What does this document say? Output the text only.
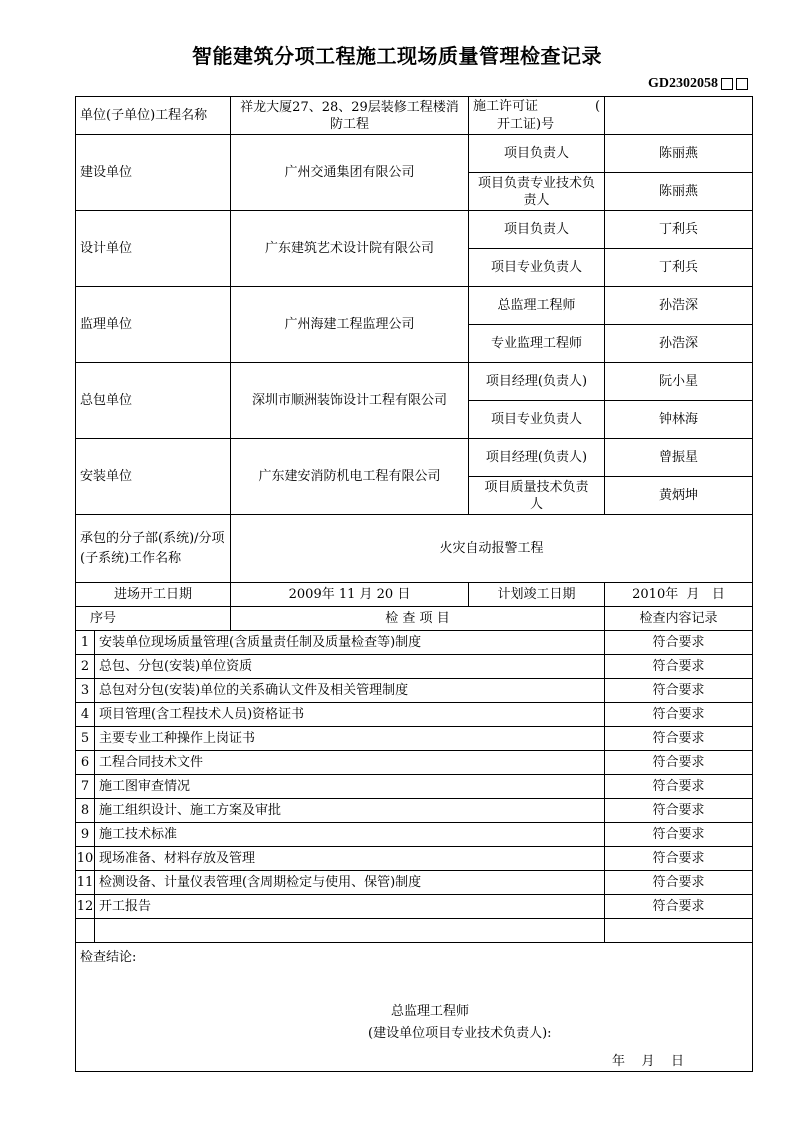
智能建筑分项工程施工现场质量管理检查记录
GD2302058
单位(子单位)工程名称		祥龙大厦27、28、29层装修工程楼消防工程	施工许可证 (
开工证)号	

建设单位		广州交通集团有限公司	项目负责人	陈丽燕
			项目负责专业技术负责人	陈丽燕
设计单位		广东建筑艺术设计院有限公司	项目负责人	丁利兵
			项目专业负责人	丁利兵
监理单位		广州海建工程监理公司	总监理工程师	孙浩深
			专业监理工程师	孙浩深
总包单位		深圳市顺洲装饰设计工程有限公司	项目经理(负责人)	阮小星
			项目专业负责人	钟林海
安装单位		广东建安消防机电工程有限公司	项目经理(负责人)	曾振星
			项目质量技术负责人	黄炳坤
承包的分子部(系统)/分项(子系统)工作名称		火灾自动报警工程		
进场开工日期		2009年 11 月 20 日	计划竣工日期	2010年  月   日
序号		检 查 项 目		检查内容记录
1	安装单位现场质量管理(含质量责任制及质量检查等)制度			符合要求
2	总包、分包(安装)单位资质			符合要求
3	总包对分包(安装)单位的关系确认文件及相关管理制度			符合要求
4	项目管理(含工程技术人员)资格证书			符合要求
5	主要专业工种操作上岗证书			符合要求
6	工程合同技术文件			符合要求
7	施工图审查情况			符合要求
8	施工组织设计、施工方案及审批			符合要求
9	施工技术标准			符合要求
10	现场准备、材料存放及管理			符合要求
11	检测设备、计量仪表管理(含周期检定与使用、保管)制度			符合要求
12	开工报告			符合要求

检查结论:
总监理工程师
(建设单位项目专业技术负责人):
年    月    日				
